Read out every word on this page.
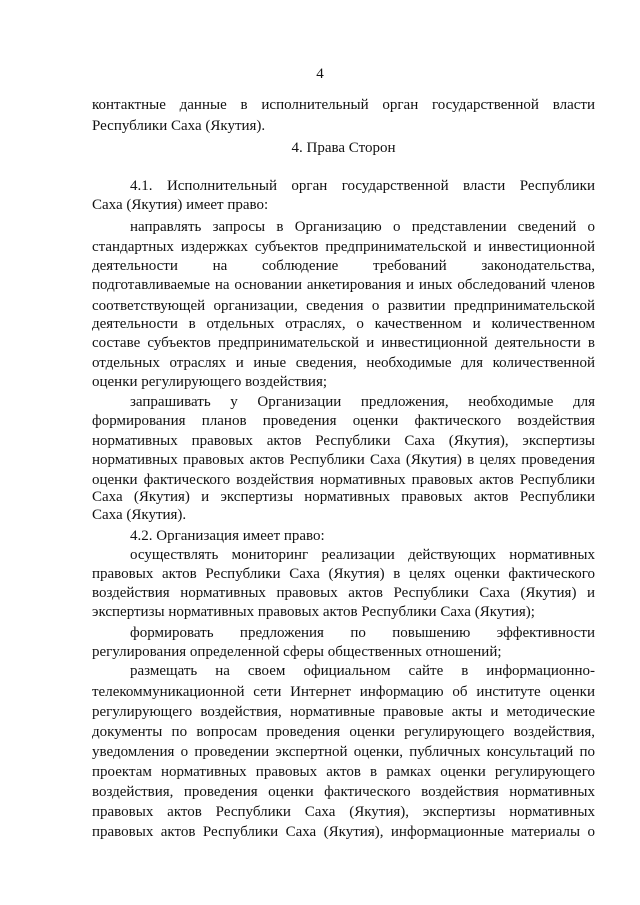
4
контактные данные в исполнительный орган государственной власти
Республики Саха (Якутия).
4. Права Сторон
4.1. Исполнительный орган государственной власти Республики
Саха (Якутия) имеет право:
направлять запросы в Организацию о представлении сведений о
стандартных издержках субъектов предпринимательской и инвестиционной
деятельности на соблюдение требований законодательства,
подготавливаемые на основании анкетирования и иных обследований членов
соответствующей организации, сведения о развитии предпринимательской
деятельности в отдельных отраслях, о качественном и количественном
составе субъектов предпринимательской и инвестиционной деятельности в
отдельных отраслях и иные сведения, необходимые для количественной
оценки регулирующего воздействия;
запрашивать у Организации предложения, необходимые для
формирования планов проведения оценки фактического воздействия
нормативных правовых актов Республики Саха (Якутия), экспертизы
нормативных правовых актов Республики Саха (Якутия) в целях проведения
оценки фактического воздействия нормативных правовых актов Республики
Саха (Якутия) и экспертизы нормативных правовых актов Республики
Саха (Якутия).
4.2. Организация имеет право:
осуществлять мониторинг реализации действующих нормативных
правовых актов Республики Саха (Якутия) в целях оценки фактического
воздействия нормативных правовых актов Республики Саха (Якутия) и
экспертизы нормативных правовых актов Республики Саха (Якутия);
формировать предложения по повышению эффективности
регулирования определенной сферы общественных отношений;
размещать на своем официальном сайте в информационно-
телекоммуникационной сети Интернет информацию об институте оценки
регулирующего воздействия, нормативные правовые акты и методические
документы по вопросам проведения оценки регулирующего воздействия,
уведомления о проведении экспертной оценки, публичных консультаций по
проектам нормативных правовых актов в рамках оценки регулирующего
воздействия, проведения оценки фактического воздействия нормативных
правовых актов Республики Саха (Якутия), экспертизы нормативных
правовых актов Республики Саха (Якутия), информационные материалы о
